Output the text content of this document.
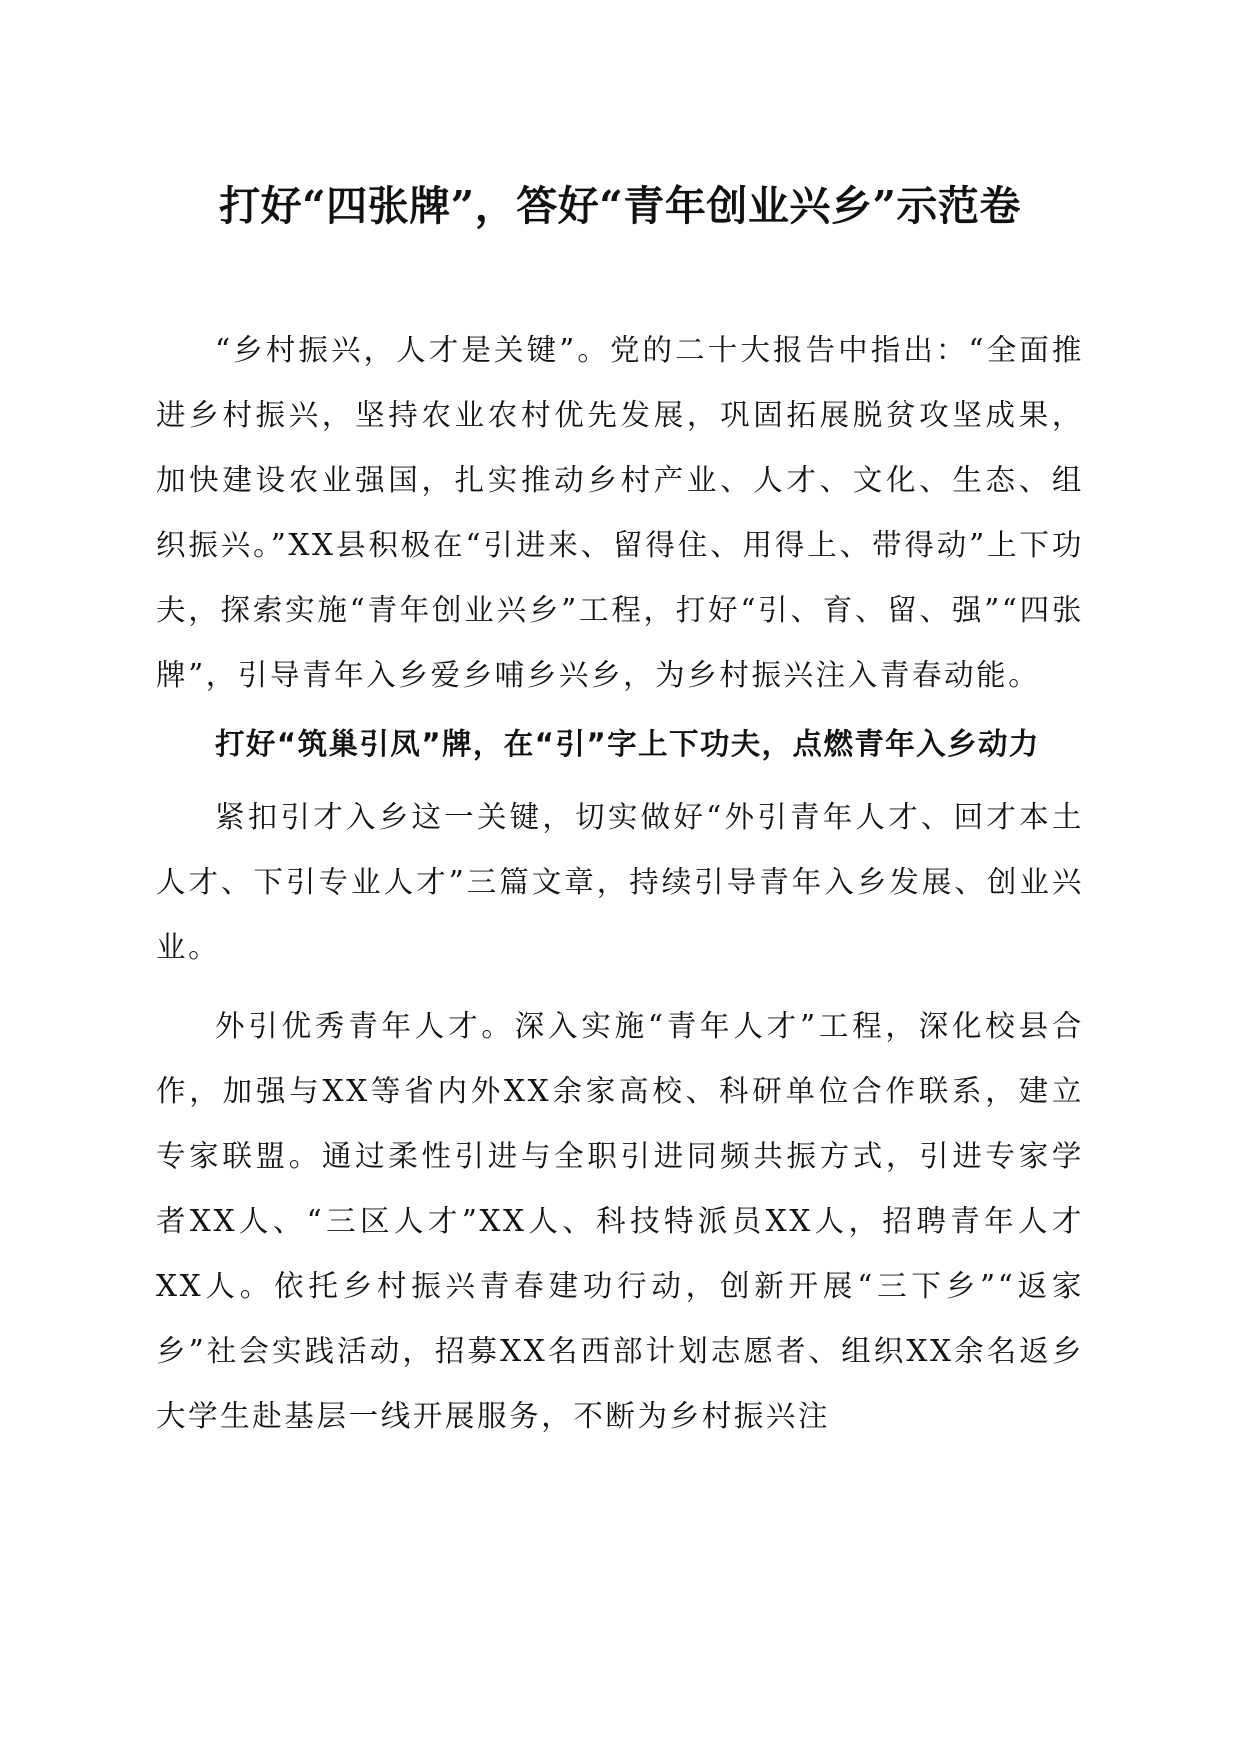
打好“四张牌”，答好“青年创业兴乡”示范卷

“乡村振兴，人才是关键”。党的二十大报告中指出：“全面推进乡村振兴，坚持农业农村优先发展，巩固拓展脱贫攻坚成果，加快建设农业强国，扎实推动乡村产业、人才、文化、生态、组织振兴。”XX县积极在“引进来、留得住、用得上、带得动”上下功夫，探索实施“青年创业兴乡”工程，打好“引、育、留、强”“四张牌”，引导青年入乡爱乡哺乡兴乡，为乡村振兴注入青春动能。

打好“筑巢引凤”牌，在“引”字上下功夫，点燃青年入乡动力

紧扣引才入乡这一关键，切实做好“外引青年人才、回才本土人才、下引专业人才”三篇文章，持续引导青年入乡发展、创业兴业。

外引优秀青年人才。深入实施“青年人才”工程，深化校县合作，加强与XX等省内外XX余家高校、科研单位合作联系，建立专家联盟。通过柔性引进与全职引进同频共振方式，引进专家学者XX人、“三区人才”XX人、科技特派员XX人，招聘青年人才XX人。依托乡村振兴青春建功行动，创新开展“三下乡”“返家乡”社会实践活动，招募XX名西部计划志愿者、组织XX余名返乡大学生赴基层一线开展服务，不断为乡村振兴注
